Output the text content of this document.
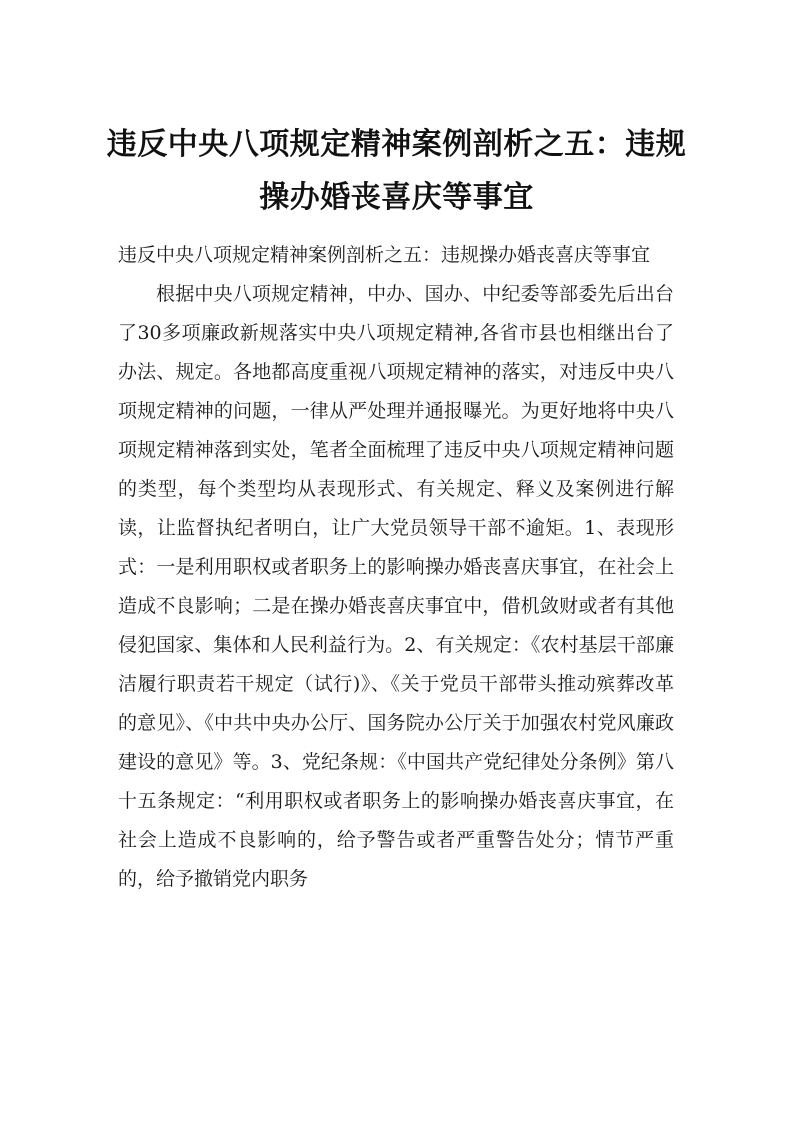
违反中央八项规定精神案例剖析之五：违规操办婚丧喜庆等事宜

违反中央八项规定精神案例剖析之五：违规操办婚丧喜庆等事宜

根据中央八项规定精神，中办、国办、中纪委等部委先后出台了30多项廉政新规落实中央八项规定精神,各省市县也相继出台了办法、规定。各地都高度重视八项规定精神的落实，对违反中央八项规定精神的问题，一律从严处理并通报曝光。为更好地将中央八项规定精神落到实处，笔者全面梳理了违反中央八项规定精神问题的类型，每个类型均从表现形式、有关规定、释义及案例进行解读，让监督执纪者明白，让广大党员领导干部不逾矩。1、表现形式：一是利用职权或者职务上的影响操办婚丧喜庆事宜，在社会上造成不良影响；二是在操办婚丧喜庆事宜中，借机敛财或者有其他侵犯国家、集体和人民利益行为。2、有关规定：《农村基层干部廉洁履行职责若干规定（试行)》、《关于党员干部带头推动殡葬改革的意见》、《中共中央办公厅、国务院办公厅关于加强农村党风廉政建设的意见》等。3、党纪条规：《中国共产党纪律处分条例》第八十五条规定：“利用职权或者职务上的影响操办婚丧喜庆事宜，在社会上造成不良影响的，给予警告或者严重警告处分；情节严重的，给予撤销党内职务
